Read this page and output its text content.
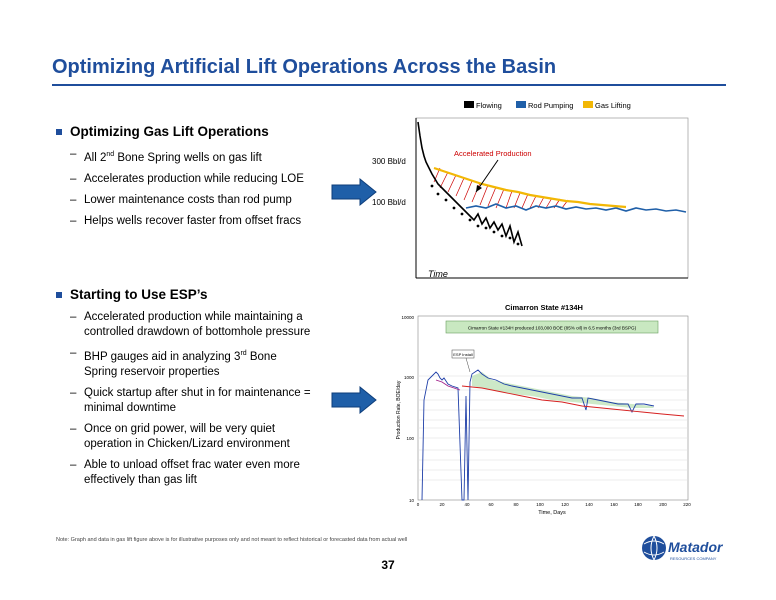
Optimizing Artificial Lift Operations Across the Basin
Optimizing Gas Lift Operations
– All 2nd Bone Spring wells on gas lift
– Accelerates production while reducing LOE
– Lower maintenance costs than rod pump
– Helps wells recover faster from offset fracs
Starting to Use ESP’s
– Accelerated production while maintaining a
controlled drawdown of bottomhole pressure
– BHP gauges aid in analyzing 3rd Bone
Spring reservoir properties
– Quick startup after shut in for maintenance =
minimal downtime
– Once on grid power, will be very quiet
operation in Chicken/Lizard environment
– Able to unload offset frac water even more
effectively than gas lift
Flowing	Rod Pumping	Gas Lifting
300 Bbl/d
100 Bbl/d
Accelerated Production
Time
Cimarron State #134H
10000
1000
100
10
0	20	40	60	80	100	120	140	160	180	200	220
Time, Days
Production Rate, BOE/day
Cimarron State #134H produced 103,000 BOE (85% oil) in 6.5 months (3rd BSPG)
ESP Install
Note: Graph and data in gas lift figure above is for illustrative purposes only and not meant to reflect historical or forecasted data from actual well
37
Matador
RESOURCES COMPANY
